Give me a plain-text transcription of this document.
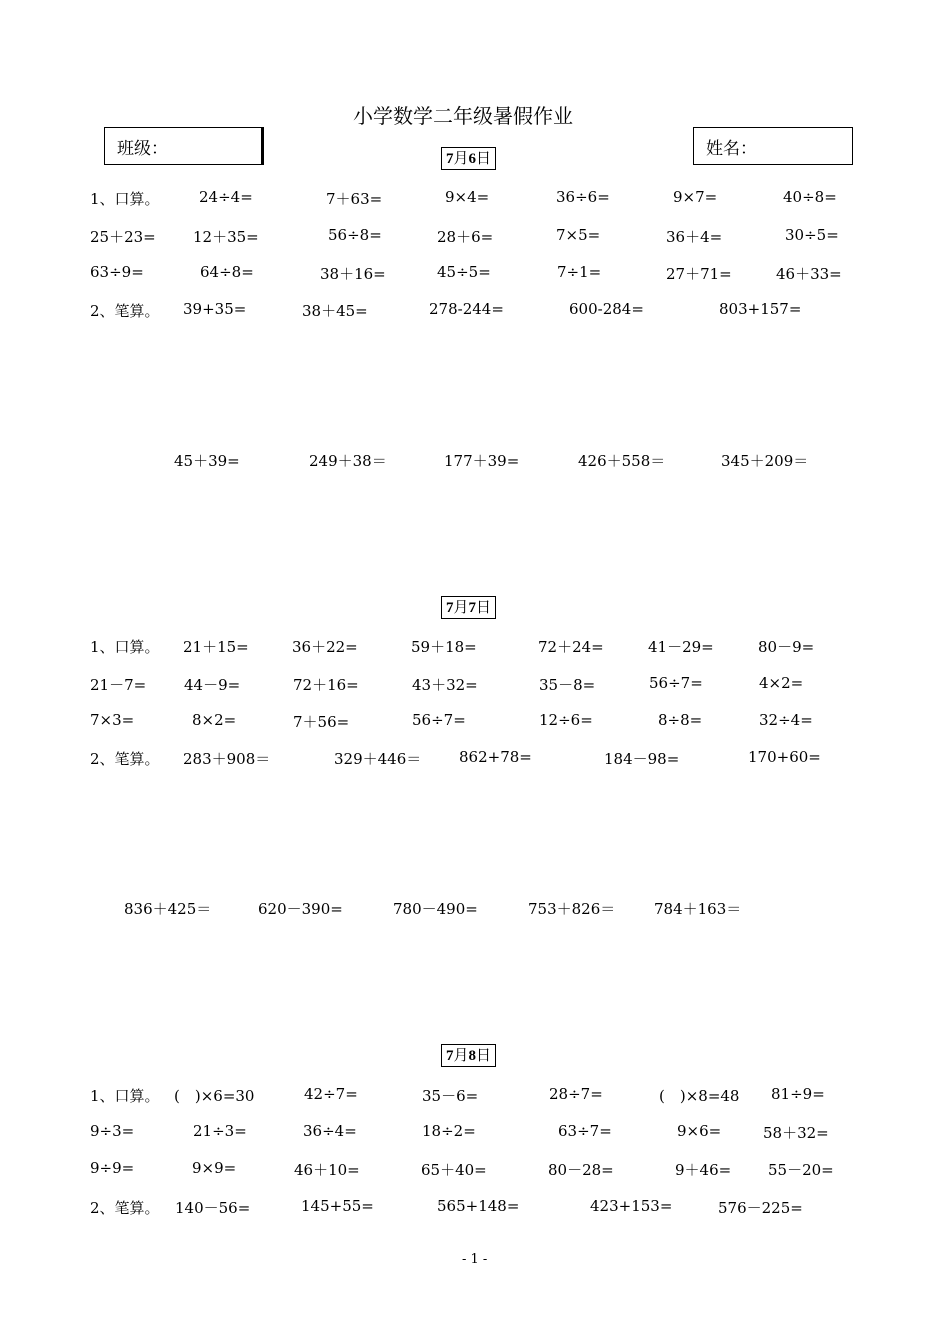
小学数学二年级暑假作业
班级：	姓名：
7月6日
1、口算。	24÷4=	7＋63=	9×4=	36÷6=	9×7=	40÷8=
25＋23= 12＋35=	56÷8=	28＋6=	7×5=	36＋4=	30÷5=
63÷9=	64÷8=	38＋16=	45÷5=	7÷1=	27＋71=	46＋33=
2、笔算。 39+35=	38＋45=	278-244=	600-284=	803+157=
45＋39=	249＋38＝	177＋39=	426＋558＝	345＋209＝
7月7日
1、口算。 21＋15=	36＋22=	59＋18=	72＋24=	41－29=	80－9=
21－7=	44－9=	72＋16=	43＋32=	35－8=	56÷7=	4×2=
7×3=	8×2=	7＋56=	56÷7=	12÷6=	8÷8=	32÷4=
2、笔算。 283＋908＝	329＋446＝	862+78=	184－98=	170+60=
836＋425＝	620－390=	780－490=	753＋826＝	784＋163＝
7月8日
1、口算。 (　)×6=30	42÷7=	35－6=	28÷7=	(　)×8=48 81÷9=
9÷3=	21÷3=	36÷4=	18÷2=	63÷7=	9×6=	58＋32=
9÷9=	9×9=	46＋10=	65＋40=	80－28=	9＋46= 55－20=
2、笔算。 140－56=	145+55=	565+148=	423+153=	576－225=
- 1 -
